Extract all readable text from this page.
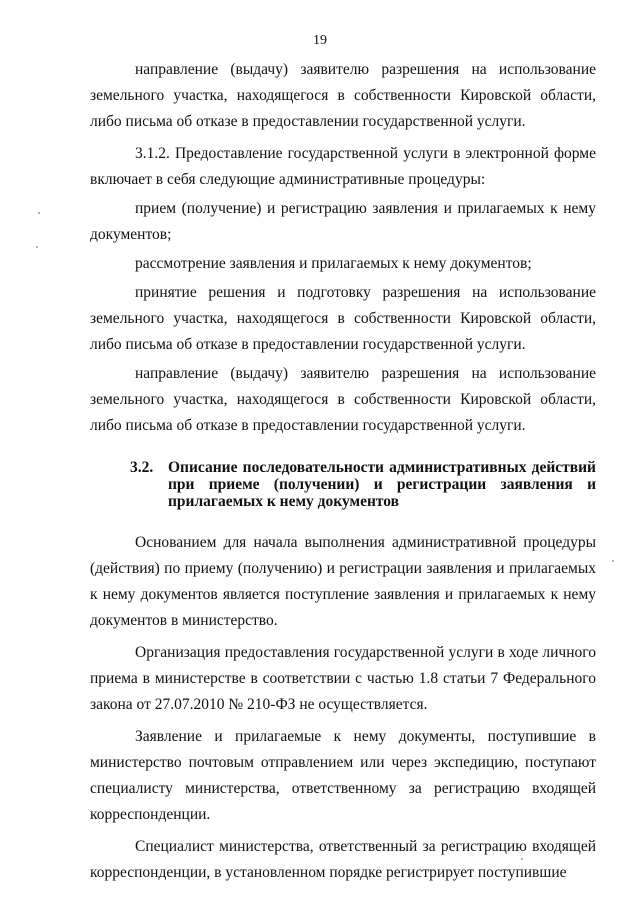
19

направление (выдачу) заявителю разрешения на использование земельного участка, находящегося в собственности Кировской области, либо письма об отказе в предоставлении государственной услуги.

3.1.2. Предоставление государственной услуги в электронной форме включает в себя следующие административные процедуры:

прием (получение) и регистрацию заявления и прилагаемых к нему документов;

рассмотрение заявления и прилагаемых к нему документов;

принятие решения и подготовку разрешения на использование земельного участка, находящегося в собственности Кировской области, либо письма об отказе в предоставлении государственной услуги.

направление (выдачу) заявителю разрешения на использование земельного участка, находящегося в собственности Кировской области, либо письма об отказе в предоставлении государственной услуги.

3.2. Описание последовательности административных действий при приеме (получении) и регистрации заявления и прилагаемых к нему документов

Основанием для начала выполнения административной процедуры (действия) по приему (получению) и регистрации заявления и прилагаемых к нему документов является поступление заявления и прилагаемых к нему документов в министерство.

Организация предоставления государственной услуги в ходе личного приема в министерстве в соответствии с частью 1.8 статьи 7 Федерального закона от 27.07.2010 № 210-ФЗ не осуществляется.

Заявление и прилагаемые к нему документы, поступившие в министерство почтовым отправлением или через экспедицию, поступают специалисту министерства, ответственному за регистрацию входящей корреспонденции.

Специалист министерства, ответственный за регистрацию входящей корреспонденции, в установленном порядке регистрирует поступившие
